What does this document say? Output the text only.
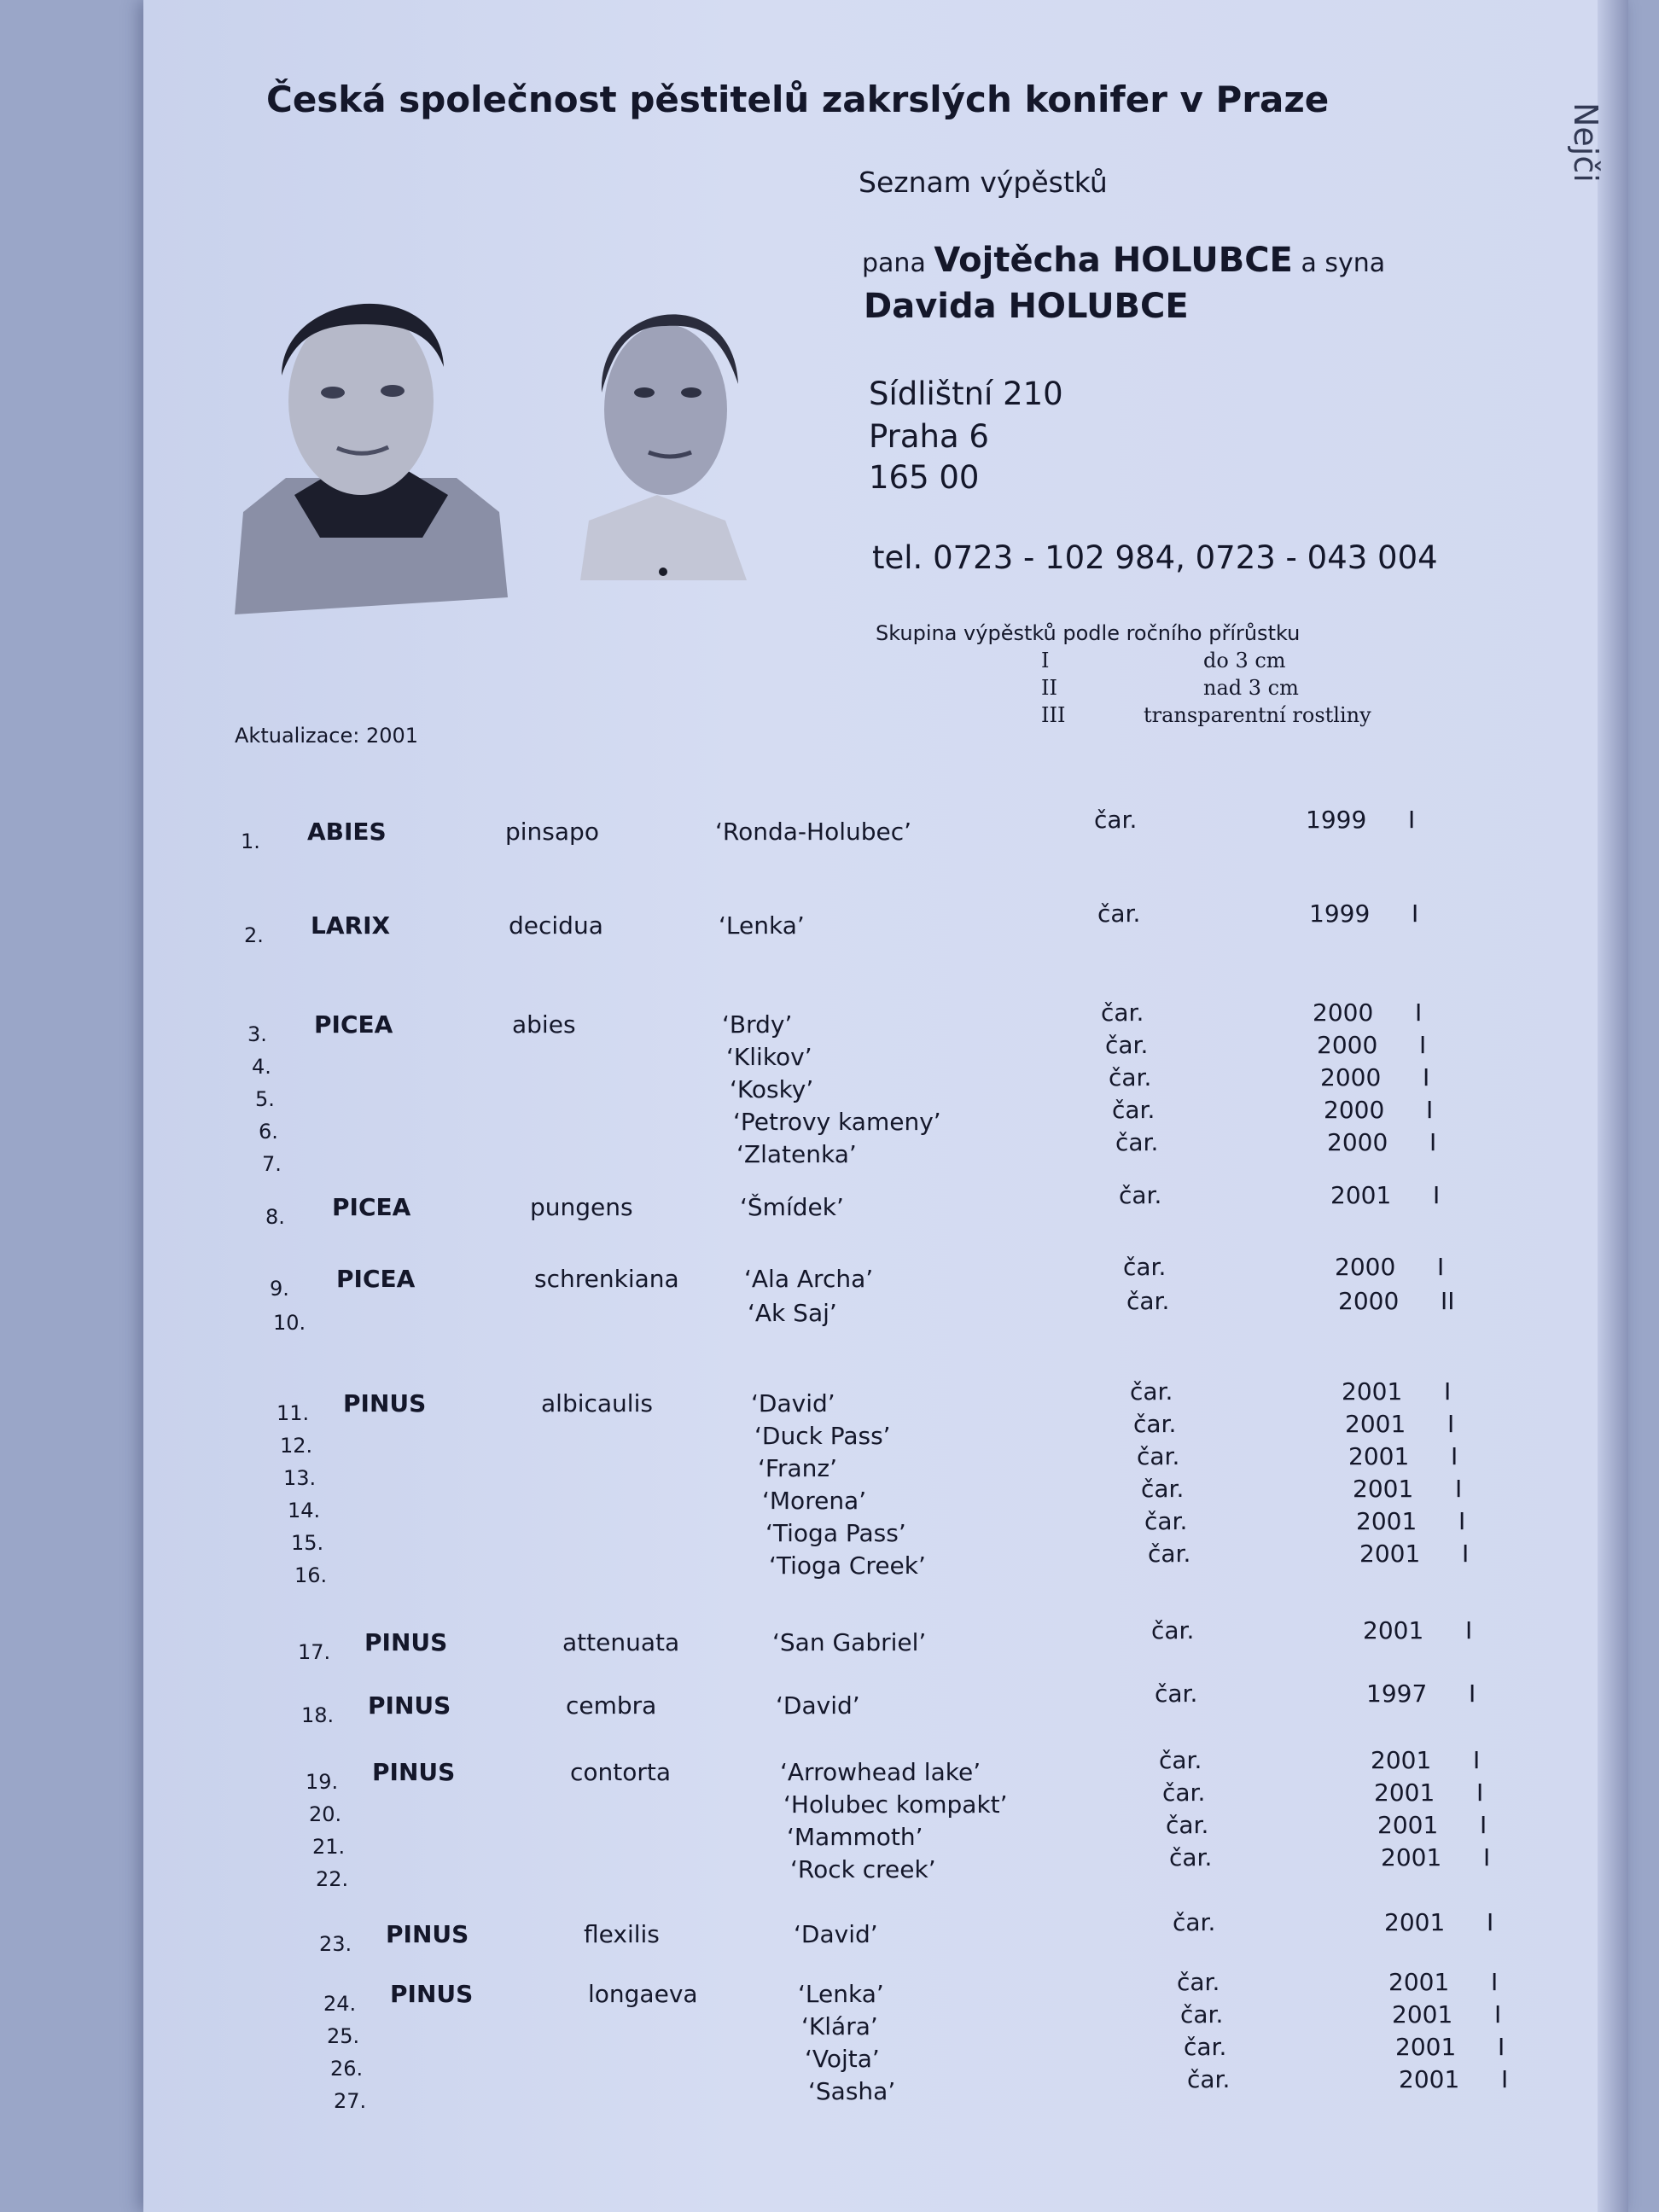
Nejči
Česká společnost pěstitelů zakrslých konifer v Praze
Seznam výpěstků
pana Vojtěcha HOLUBCE a syna
Davida HOLUBCE
Sídlištní 210
Praha 6
165 00
tel. 0723 - 102 984, 0723 - 043 004
Skupina výpěstků podle ročního přírůstku
I	do 3 cm
II	nad 3 cm
III	transparentní rostliny
Aktualizace: 2001
1. ABIES	pinsapo	‘Ronda-Holubec’	čar.	1999 I
2. LARIX	decidua	‘Lenka’	čar.	1999 I
3. PICEA	abies	‘Brdy’	čar.	2000 I
4.	‘Klikov’	čar.	2000 I
5.	‘Kosky’	čar.	2000 I
6.	‘Petrovy kameny’	čar.	2000 I
7.	‘Zlatenka’	čar.	2000 I
8. PICEA	pungens	‘Šmídek’	čar.	2001 I
9. PICEA	schrenkiana	‘Ala Archa’	čar.	2000 I
10.	‘Ak Saj’	čar.	2000 II
11. PINUS	albicaulis	‘David’	čar.	2001 I
12.	‘Duck Pass’	čar.	2001 I
13.	‘Franz’	čar.	2001 I
14.	‘Morena’	čar.	2001 I
15.	‘Tioga Pass’	čar.	2001 I
16.	‘Tioga Creek’	čar.	2001 I
17. PINUS	attenuata	‘San Gabriel’	čar.	2001 I
18. PINUS	cembra	‘David’	čar.	1997 I
19. PINUS	contorta	‘Arrowhead lake’	čar.	2001 I
20.	‘Holubec kompakt’	čar.	2001 I
21.	‘Mammoth’	čar.	2001 I
22.	‘Rock creek’	čar.	2001 I
23. PINUS	flexilis	‘David’	čar.	2001 I
24. PINUS	longaeva	‘Lenka’	čar.	2001 I
25.	‘Klára’	čar.	2001 I
26.	‘Vojta’	čar.	2001 I
27.	‘Sasha’	čar.	2001 I
